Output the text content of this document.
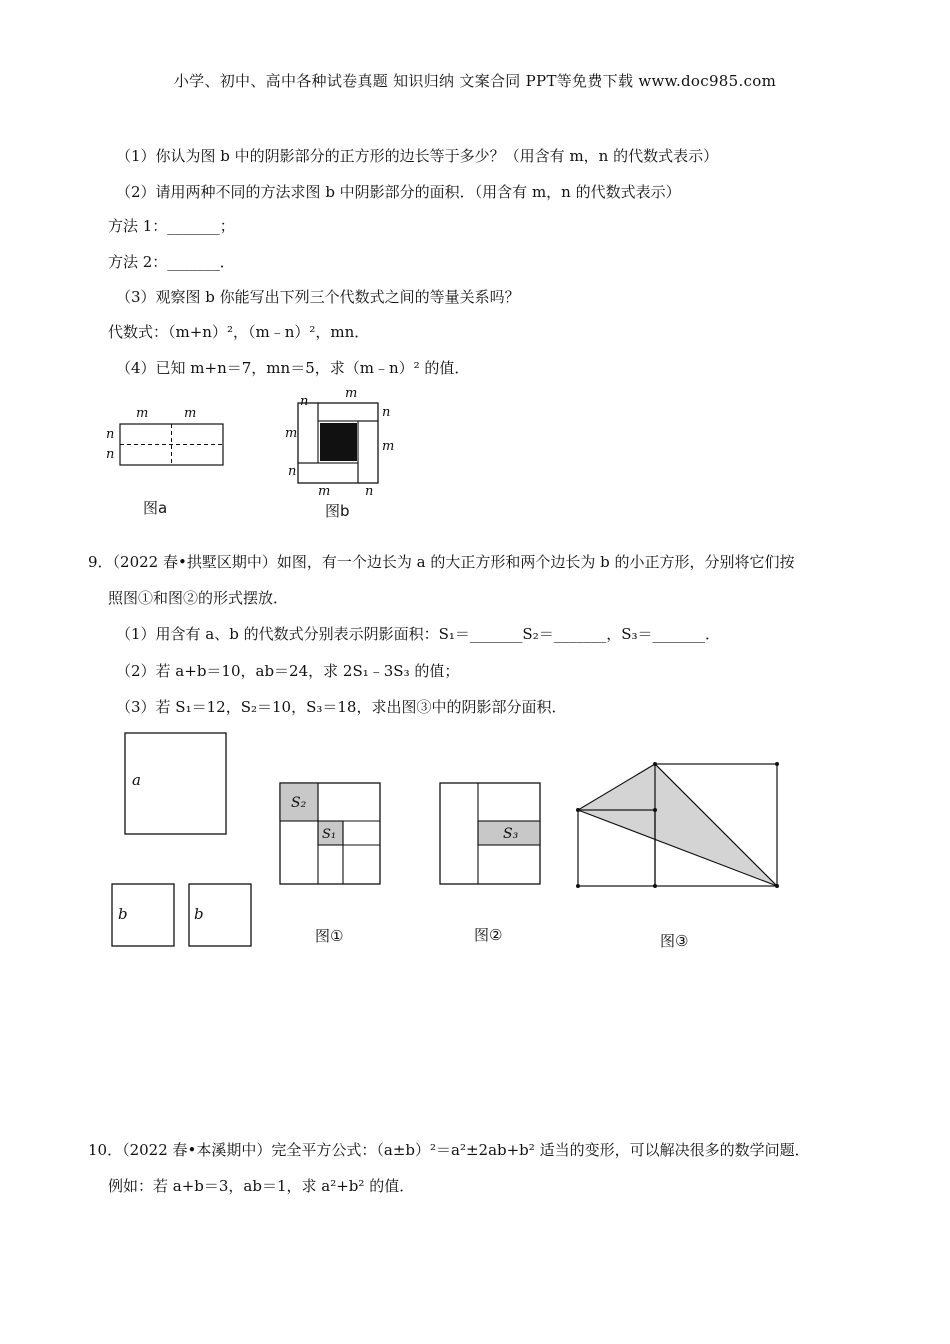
小学、初中、高中各种试卷真题 知识归纳 文案合同 PPT等免费下载 www.doc985.com
（1）你认为图 b 中的阴影部分的正方形的边长等于多少？（用含有 m，n 的代数式表示）
（2）请用两种不同的方法求图 b 中阴影部分的面积．（用含有 m，n 的代数式表示）
方法 1：_______；
方法 2：_______．
（3）观察图 b 你能写出下列三个代数式之间的等量关系吗？
代数式：（m+n）²，（m﹣n）²，mn．
（4）已知 m+n＝7，mn＝5，求（m﹣n）² 的值．
m	m
n
n
图a
m
n
m
n
m
n
m	n
图b
9．（2022 春•拱墅区期中）如图，有一个边长为 a 的大正方形和两个边长为 b 的小正方形，分别将它们按
照图①和图②的形式摆放．
（1）用含有 a、b 的代数式分别表示阴影面积：S₁＝_______S₂＝_______，S₃＝_______．
（2）若 a+b＝10，ab＝24，求 2S₁﹣3S₃ 的值；
（3）若 S₁＝12，S₂＝10，S₃＝18，求出图③中的阴影部分面积．
a
b	b
S₂
S₁
图①
S₃
图②	图③
10．（2022 春•本溪期中）完全平方公式：（a±b）²＝a²±2ab+b² 适当的变形，可以解决很多的数学问题．
例如：若 a+b＝3，ab＝1，求 a²+b² 的值．
